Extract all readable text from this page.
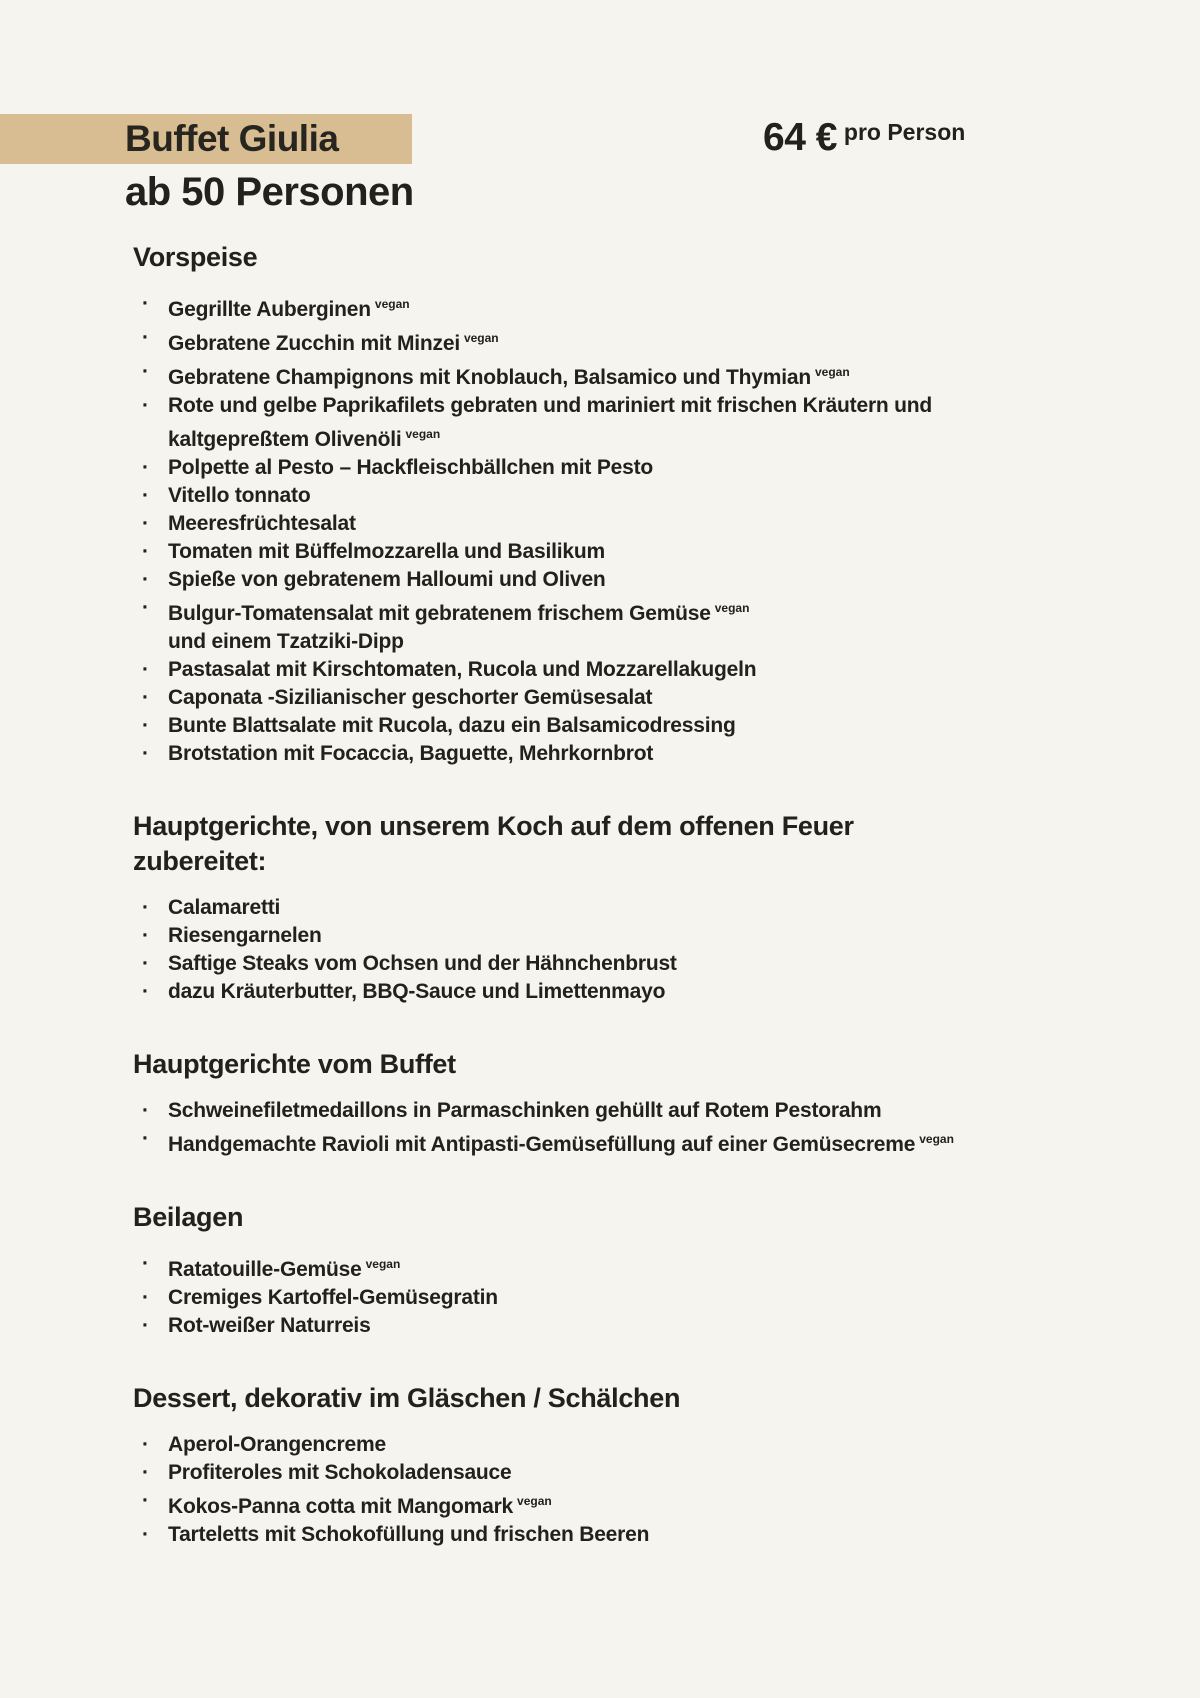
Buffet Giulia	64 € pro Person
ab 50 Personen
Vorspeise
· Gegrillte Auberginen $^{vegan}$
· Gebratene Zucchin mit Minzei $^{vegan}$
· Gebratene Champignons mit Knoblauch, Balsamico und Thymian $^{vegan}$
· Rote und gelbe Paprikafilets gebraten und mariniert mit frischen Kräutern und
kaltgepreßtem Olivenöli $^{vegan}$
· Polpette al Pesto – Hackfleischbällchen mit Pesto
· Vitello tonnato
· Meeresfrüchtesalat
· Tomaten mit Büffelmozzarella und Basilikum
· Spieße von gebratenem Halloumi und Oliven
· Bulgur-Tomatensalat mit gebratenem frischem Gemüse $^{vegan}$
und einem Tzatziki-Dipp
· Pastasalat mit Kirschtomaten, Rucola und Mozzarellakugeln
· Caponata -Sizilianischer geschorter Gemüsesalat
· Bunte Blattsalate mit Rucola, dazu ein Balsamicodressing
· Brotstation mit Focaccia, Baguette, Mehrkornbrot
Hauptgerichte, von unserem Koch auf dem offenen Feuer
zubereitet:
· Calamaretti
· Riesengarnelen
· Saftige Steaks vom Ochsen und der Hähnchenbrust
· dazu Kräuterbutter, BBQ-Sauce und Limettenmayo
Hauptgerichte vom Buffet
· Schweinefiletmedaillons in Parmaschinken gehüllt auf Rotem Pestorahm
· Handgemachte Ravioli mit Antipasti-Gemüsefüllung auf einer Gemüsecreme $^{vegan}$
Beilagen
· Ratatouille-Gemüse $^{vegan}$
· Cremiges Kartoffel-Gemüsegratin
· Rot-weißer Naturreis
Dessert, dekorativ im Gläschen / Schälchen
· Aperol-Orangencreme
· Profiteroles mit Schokoladensauce
· Kokos-Panna cotta mit Mangomark $^{vegan}$
· Tarteletts mit Schokofüllung und frischen Beeren
